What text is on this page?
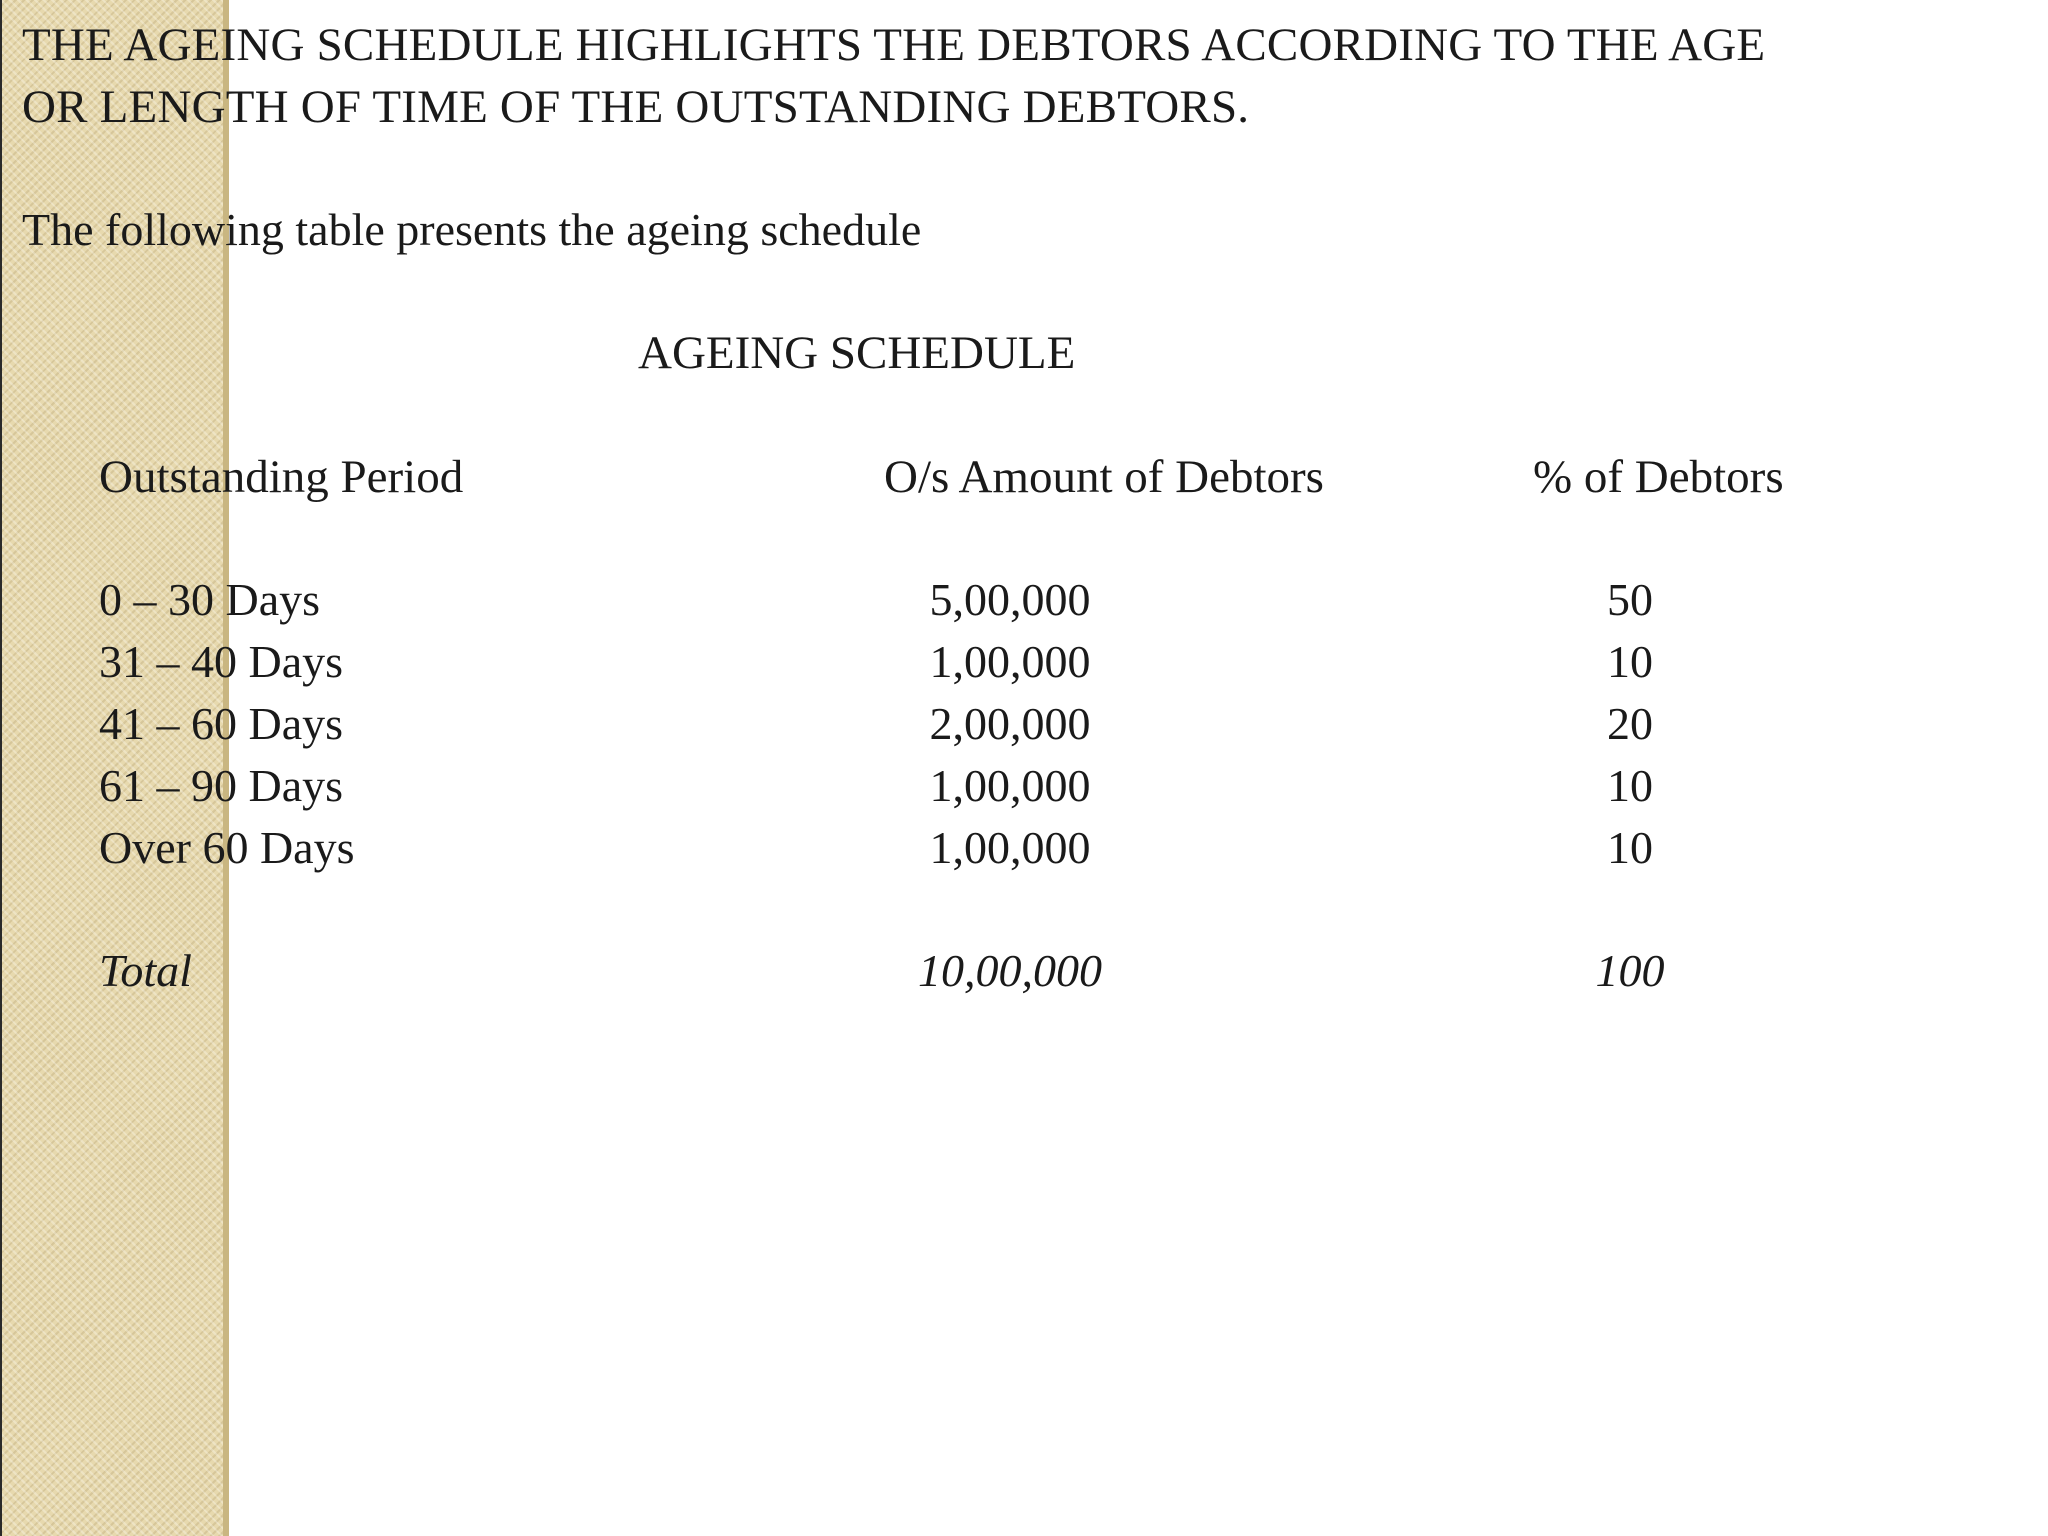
THE AGEING SCHEDULE HIGHLIGHTS THE DEBTORS ACCORDING TO THE AGE
OR LENGTH OF TIME OF THE OUTSTANDING DEBTORS.

The following table presents the ageing schedule

AGEING SCHEDULE

Outstanding Period	O/s Amount of Debtors	% of Debtors

0 – 30 Days	5,00,000	50
31 – 40 Days	1,00,000	10
41 – 60 Days	2,00,000	20
61 – 90 Days	1,00,000	10
Over 60 Days	1,00,000	10
Total	10,00,000	100
